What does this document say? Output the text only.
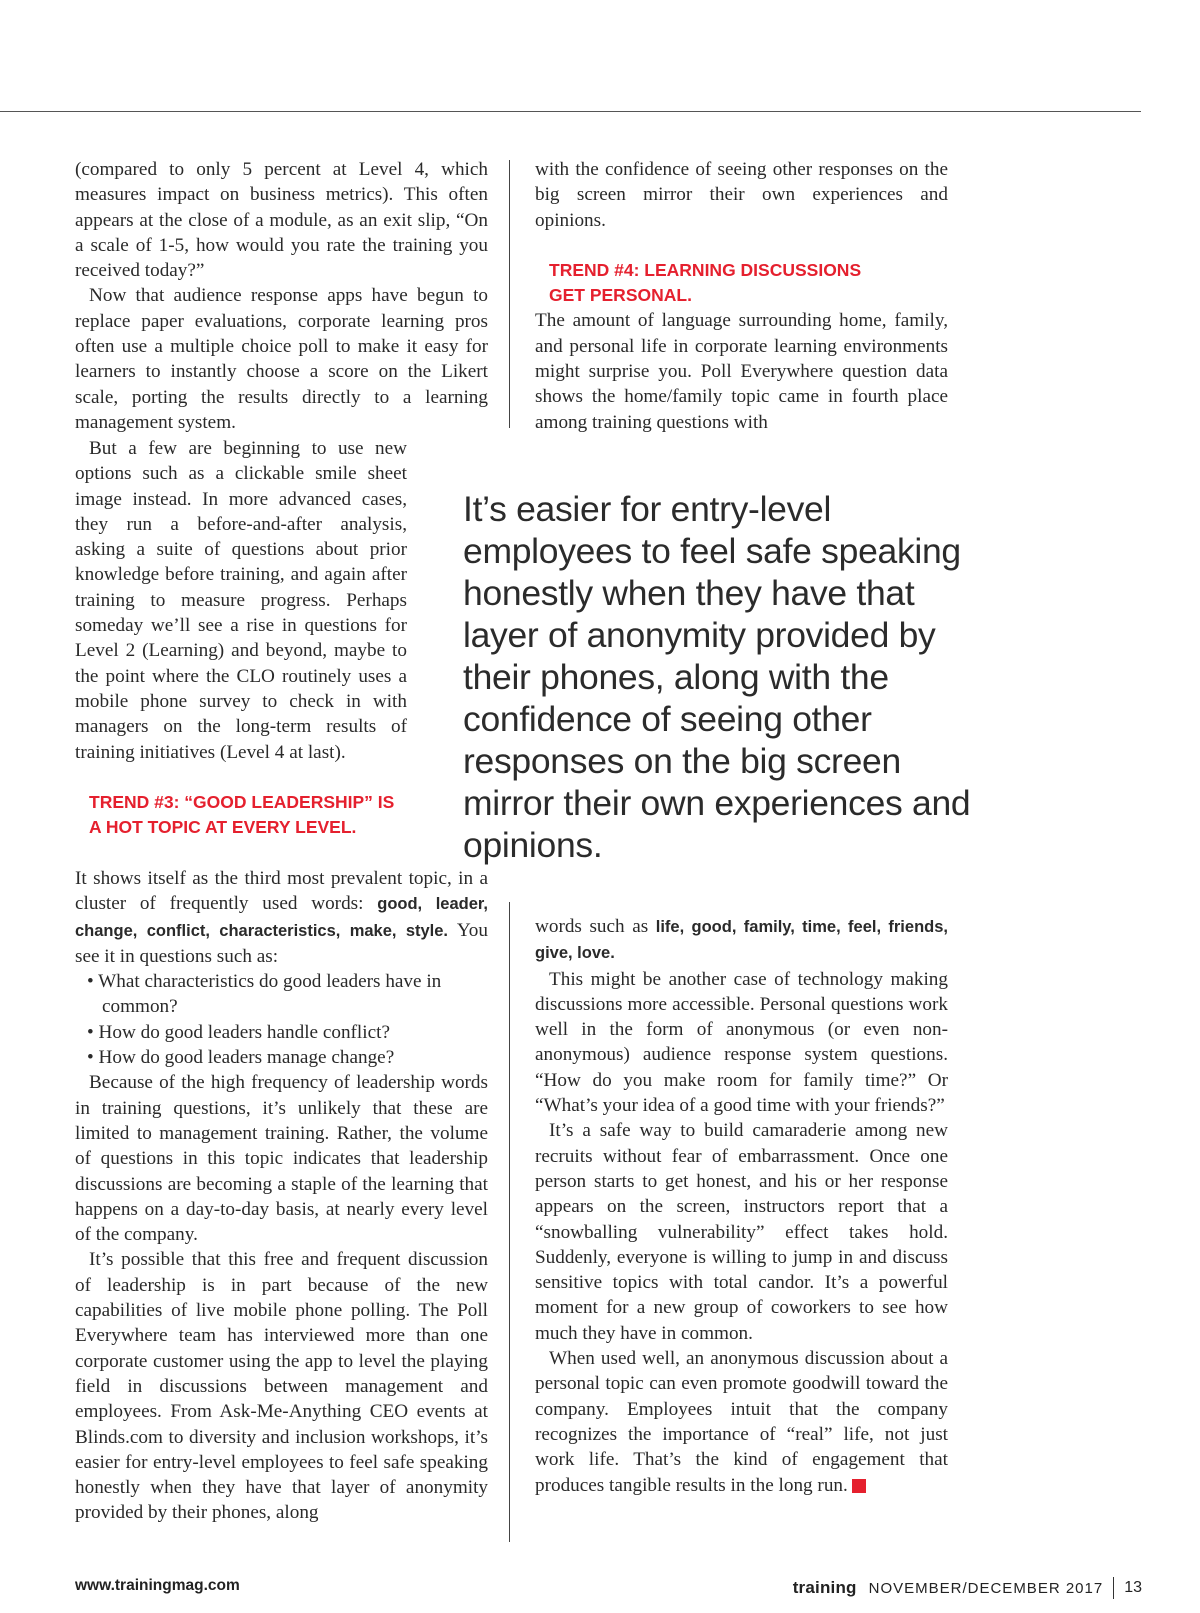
(compared to only 5 percent at Level 4, which measures impact on business metrics). This often appears at the close of a module, as an exit slip, “On a scale of 1-5, how would you rate the training you received today?”

Now that audience response apps have begun to replace paper evaluations, corporate learning pros often use a multiple choice poll to make it easy for learners to instantly choose a score on the Likert scale, porting the results directly to a learning management system.

But a few are beginning to use new options such as a clickable smile sheet image instead. In more advanced cases, they run a before-and-after analysis, asking a suite of questions about prior knowledge before training, and again after training to measure progress. Perhaps someday we’ll see a rise in questions for Level 2 (Learning) and beyond, maybe to the point where the CLO routinely uses a mobile phone survey to check in with managers on the long-term results of training initiatives (Level 4 at last).

TREND #3: “GOOD LEADERSHIP” IS

A HOT TOPIC AT EVERY LEVEL.

It shows itself as the third most prevalent topic, in a cluster of frequently used words: good, leader, change, conflict, characteristics, make, style. You see it in questions such as:

• What characteristics do good leaders have in common?
• How do good leaders handle conflict?
• How do good leaders manage change?

Because of the high frequency of leadership words in training questions, it’s unlikely that these are limited to management training. Rather, the volume of questions in this topic indicates that leadership discussions are becoming a staple of the learning that happens on a day-to-day basis, at nearly every level of the company.

It’s possible that this free and frequent discussion of leadership is in part because of the new capabilities of live mobile phone polling. The Poll Everywhere team has interviewed more than one corporate customer using the app to level the playing field in discussions between management and employees. From Ask-Me-Anything CEO events at Blinds.com to diversity and inclusion workshops, it’s easier for entry-level employees to feel safe speaking honestly when they have that layer of anonymity provided by their phones, along

with the confidence of seeing other responses on the big screen mirror their own experiences and opinions.

TREND #4: LEARNING DISCUSSIONS

GET PERSONAL.

The amount of language surrounding home, family, and personal life in corporate learning environments might surprise you. Poll Everywhere question data shows the home/family topic came in fourth place among training questions with

It’s easier for entry-level employees to feel safe speaking honestly when they have that layer of anonymity provided by their phones, along with the confidence of seeing other responses on the big screen mirror their own experiences and opinions.

words such as life, good, family, time, feel, friends, give, love.

This might be another case of technology making discussions more accessible. Personal questions work well in the form of anonymous (or even non-anonymous) audience response system questions. “How do you make room for family time?” Or “What’s your idea of a good time with your friends?”

It’s a safe way to build camaraderie among new recruits without fear of embarrassment. Once one person starts to get honest, and his or her response appears on the screen, instructors report that a “snowballing vulnerability” effect takes hold. Suddenly, everyone is willing to jump in and discuss sensitive topics with total candor. It’s a powerful moment for a new group of coworkers to see how much they have in common.

When used well, an anonymous discussion about a personal topic can even promote goodwill toward the company. Employees intuit that the company recognizes the importance of “real” life, not just work life. That’s the kind of engagement that produces tangible results in the long run. t

www.trainingmag.com	training NOVEMBER/DECEMBER 2017 13
